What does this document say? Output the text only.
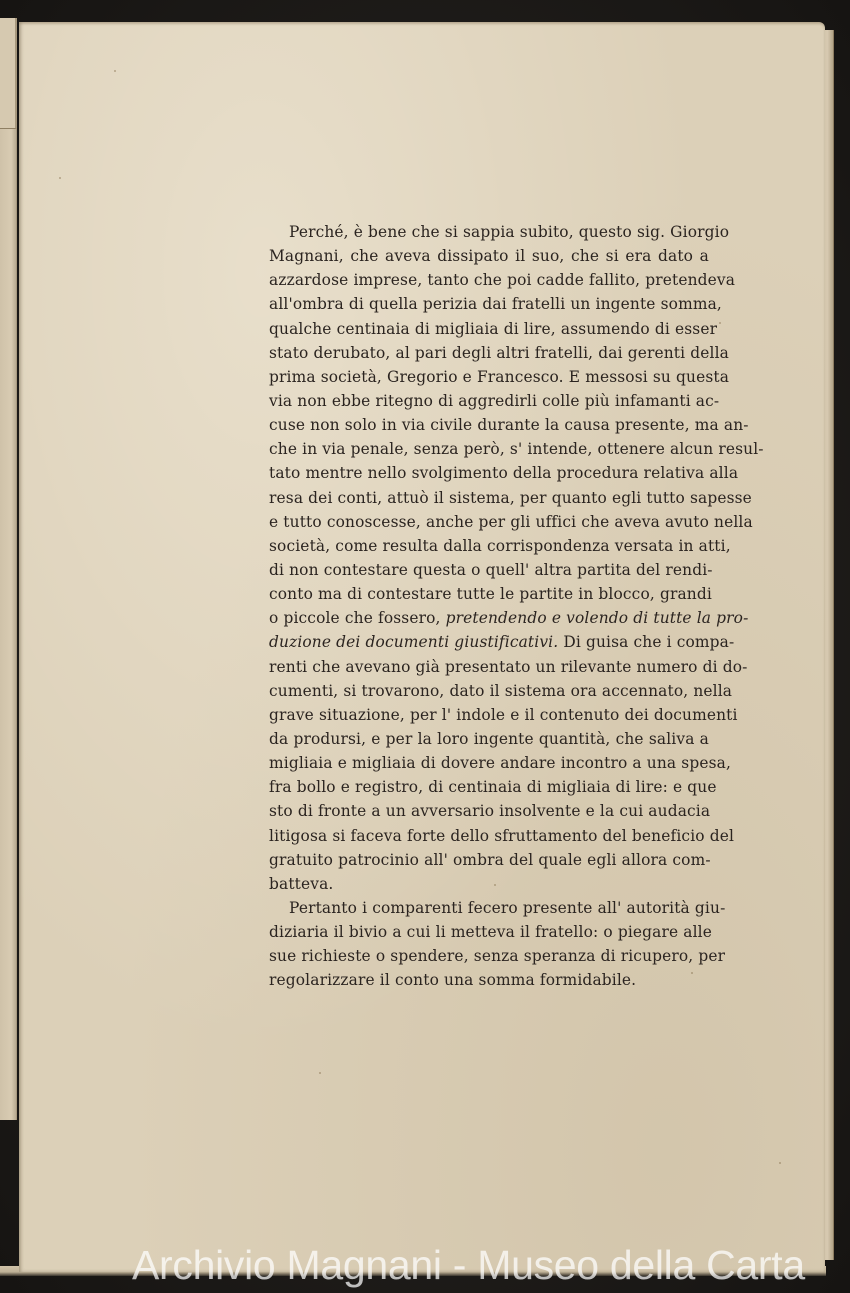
Perché, è bene che si sappia subito, questo sig. Giorgio
Magnani, che aveva dissipato il suo, che si era dato a
azzardose imprese, tanto che poi cadde fallito, pretendeva
all'ombra di quella perizia dai fratelli un ingente somma,
qualche centinaia di migliaia di lire, assumendo di esser
stato derubato, al pari degli altri fratelli, dai gerenti della
prima società, Gregorio e Francesco. E messosi su questa
via non ebbe ritegno di aggredirli colle più infamanti ac-
cuse non solo in via civile durante la causa presente, ma an-
che in via penale, senza però, s' intende, ottenere alcun resul-
tato mentre nello svolgimento della procedura relativa alla
resa dei conti, attuò il sistema, per quanto egli tutto sapesse
e tutto conoscesse, anche per gli uffici che aveva avuto nella
società, come resulta dalla corrispondenza versata in atti,
di non contestare questa o quell' altra partita del rendi-
conto ma di contestare tutte le partite in blocco, grandi
o piccole che fossero, pretendendo e volendo di tutte la pro-
duzione dei documenti giustificativi. Di guisa che i compa-
renti che avevano già presentato un rilevante numero di do-
cumenti, si trovarono, dato il sistema ora accennato, nella
grave situazione, per l' indole e il contenuto dei documenti
da prodursi, e per la loro ingente quantità, che saliva a
migliaia e migliaia di dovere andare incontro a una spesa,
fra bollo e registro, di centinaia di migliaia di lire: e que
sto di fronte a un avversario insolvente e la cui audacia
litigosa si faceva forte dello sfruttamento del beneficio del
gratuito patrocinio all' ombra del quale egli allora com-
batteva.
Pertanto i comparenti fecero presente all' autorità giu-
diziaria il bivio a cui li metteva il fratello: o piegare alle
sue richieste o spendere, senza speranza di ricupero, per
regolarizzare il conto una somma formidabile.
Archivio Magnani - Museo della Carta
